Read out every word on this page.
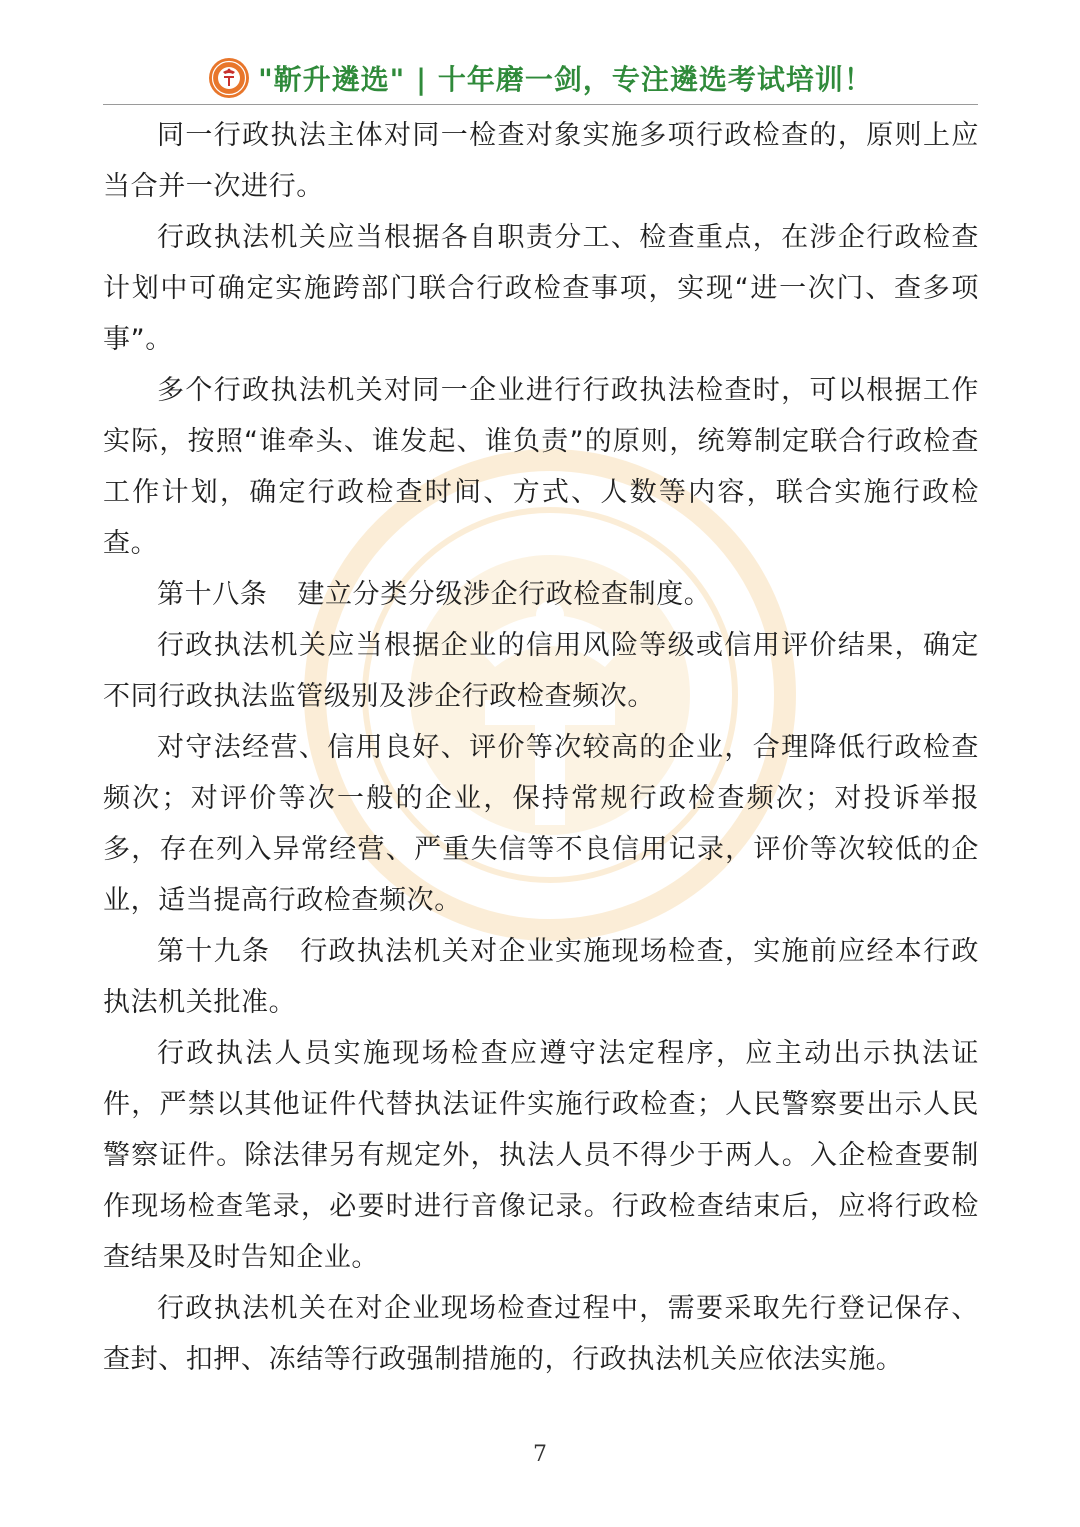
"靳升遴选" | 十年磨一剑，专注遴选考试培训！

同一行政执法主体对同一检查对象实施多项行政检查的，原则上应当合并一次进行。

行政执法机关应当根据各自职责分工、检查重点，在涉企行政检查计划中可确定实施跨部门联合行政检查事项，实现“进一次门、查多项事”。

多个行政执法机关对同一企业进行行政执法检查时，可以根据工作实际，按照“谁牵头、谁发起、谁负责”的原则，统筹制定联合行政检查工作计划，确定行政检查时间、方式、人数等内容，联合实施行政检查。

第十八条 建立分类分级涉企行政检查制度。

行政执法机关应当根据企业的信用风险等级或信用评价结果，确定不同行政执法监管级别及涉企行政检查频次。

对守法经营、信用良好、评价等次较高的企业，合理降低行政检查频次；对评价等次一般的企业，保持常规行政检查频次；对投诉举报多，存在列入异常经营、严重失信等不良信用记录，评价等次较低的企业，适当提高行政检查频次。

第十九条 行政执法机关对企业实施现场检查，实施前应经本行政执法机关批准。

行政执法人员实施现场检查应遵守法定程序，应主动出示执法证件，严禁以其他证件代替执法证件实施行政检查；人民警察要出示人民警察证件。除法律另有规定外，执法人员不得少于两人。入企检查要制作现场检查笔录，必要时进行音像记录。行政检查结束后，应将行政检查结果及时告知企业。

行政执法机关在对企业现场检查过程中，需要采取先行登记保存、查封、扣押、冻结等行政强制措施的，行政执法机关应依法实施。

7
